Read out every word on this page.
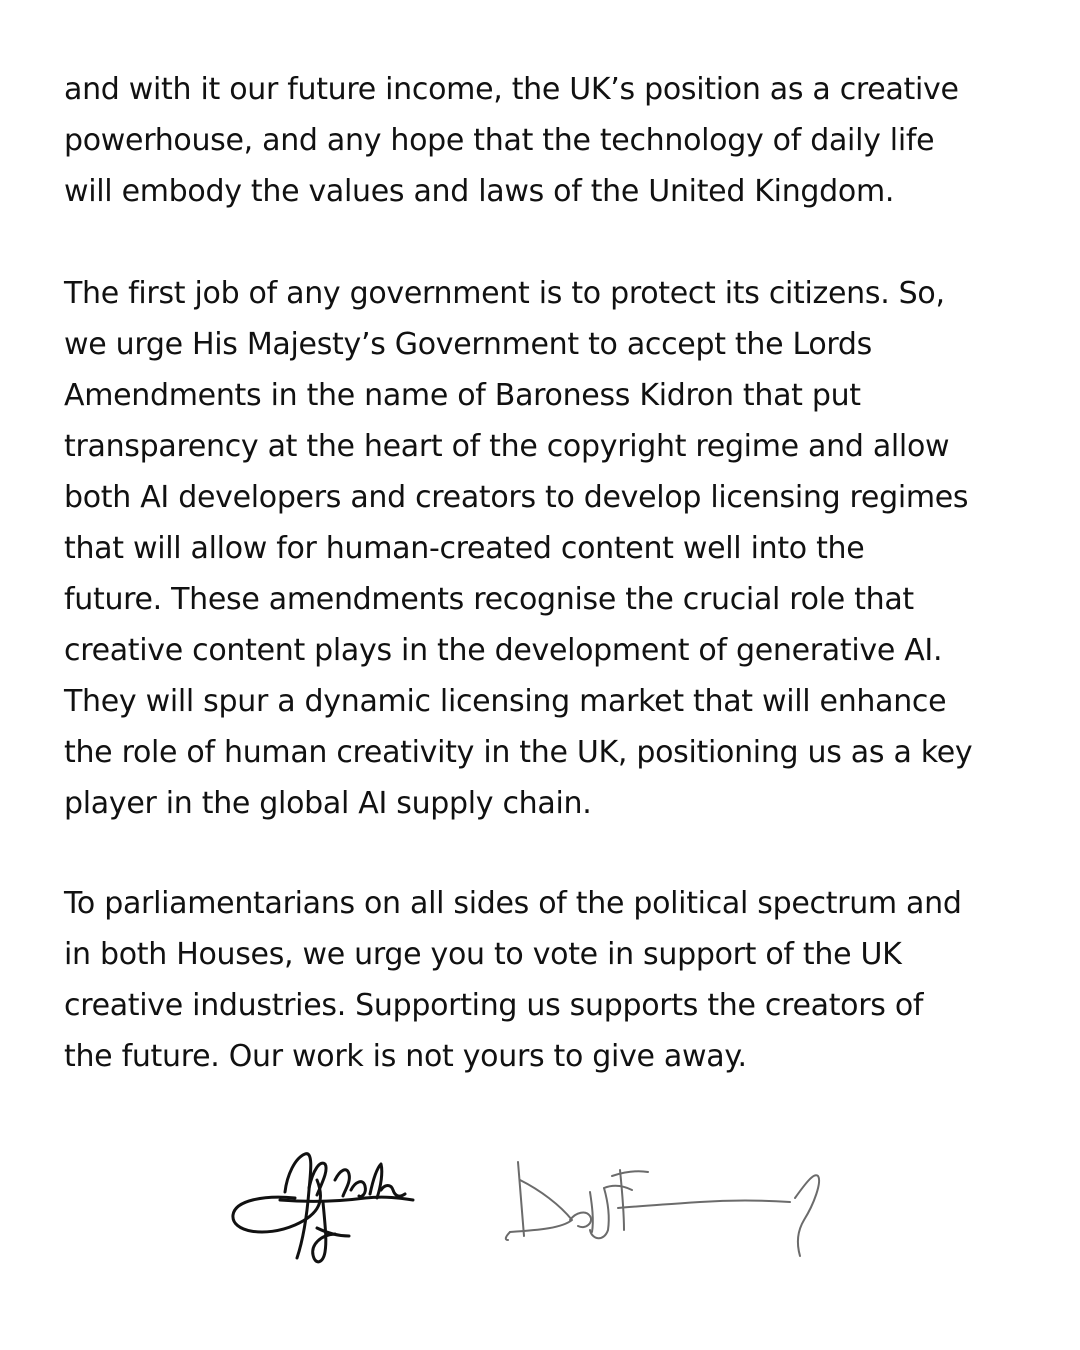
and with it our future income, the UK’s position as a creative
powerhouse, and any hope that the technology of daily life
will embody the values and laws of the United Kingdom.
The first job of any government is to protect its citizens. So,
we urge His Majesty’s Government to accept the Lords
Amendments in the name of Baroness Kidron that put
transparency at the heart of the copyright regime and allow
both AI developers and creators to develop licensing regimes
that will allow for human-created content well into the
future. These amendments recognise the crucial role that
creative content plays in the development of generative AI.
They will spur a dynamic licensing market that will enhance
the role of human creativity in the UK, positioning us as a key
player in the global AI supply chain.
To parliamentarians on all sides of the political spectrum and
in both Houses, we urge you to vote in support of the UK
creative industries. Supporting us supports the creators of
the future. Our work is not yours to give away.
